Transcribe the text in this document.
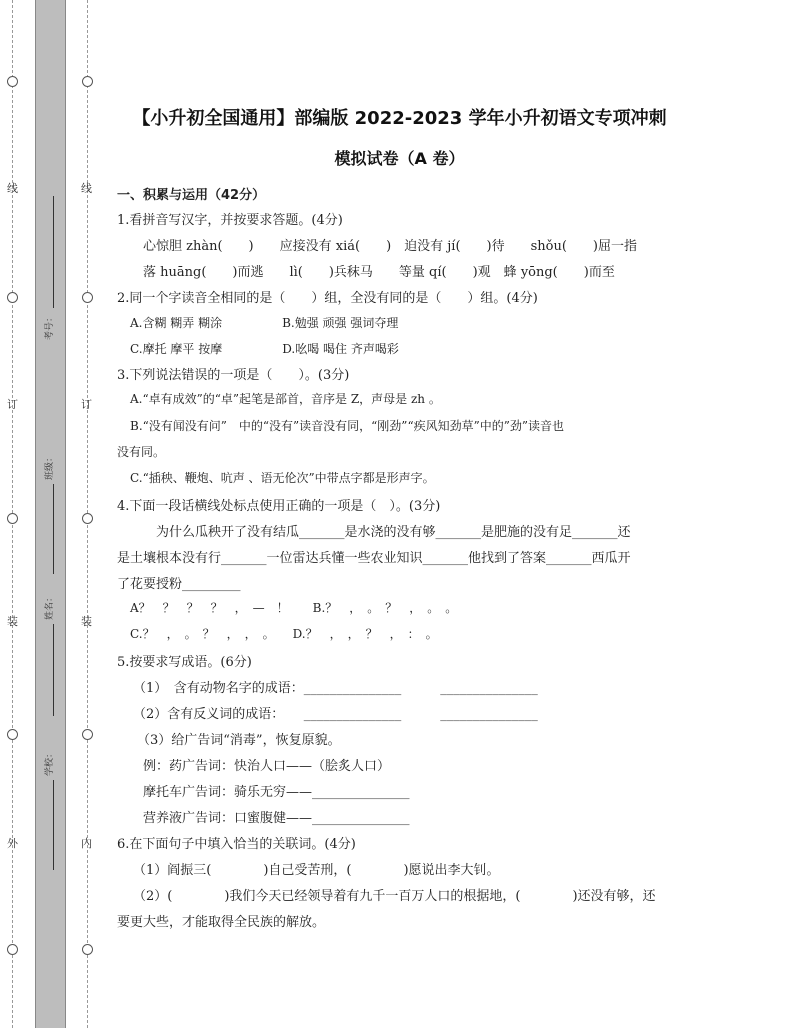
线
订
装
外
线
订
装
内
考号：
班级：
姓名：
学校：
【小升初全国通用】部编版 2022-2023 学年小升初语文专项冲刺
模拟试卷（A 卷）
一、积累与运用（42分）
1.看拼音写汉字，并按要求答题。(4分)
心惊胆 zhàn(　　)　　应接没有 xiá(　　)　迫没有 jí(　　)待　　shǒu(　　)屈一指
落 huāng(　　)而逃　　lì(　　)兵秣马　　等量 qí(　　)观　蜂 yōng(　　)而至
2.同一个字读音全相同的是（　　）组，全没有同的是（　　）组。(4分)
A.含糊 糊弄 糊涂　　　　　B.勉强 顽强 强词夺理
C.摩托 摩平 按摩　　　　　D.吆喝 喝住 齐声喝彩
3.下列说法错误的一项是（　　）。(3分)
A.“卓有成效”的“卓”起笔是部首，音序是 Z，声母是 zh 。
B.“没有闻没有问”　中的“没有”读音没有同，“刚劲”“疾风知劲草”中的”劲”读音也
没有同。
C.“插秧、鞭炮、吭声 、语无伦次”中带点字都是形声字。
4.下面一段话横线处标点使用正确的一项是（　）。(3分)
为什么瓜秧开了没有结瓜_______是水浇的没有够_______是肥施的没有足_______还
是土壤根本没有行_______一位雷达兵懂一些农业知识_______他找到了答案_______西瓜开
了花要授粉_________
A？　？　？　？　，　—　！　　B.？　，　。　？　，　。　。
C.？　，　。　？　，　，　。　　D.？　，　，　？　，　：　。
5.按要求写成语。(6分)
（1）　含有动物名字的成语：_______________　　　_______________
（2）含有反义词的成语：　　_______________　　　_______________
（3）给广告词“消毒”，恢复原貌。
例：药广告词：快治人口——（脍炙人口）
摩托车广告词：骑乐无穷——_______________
营养液广告词：口蜜腹健——_______________
6.在下面句子中填入恰当的关联词。(4分)
（1）阎振三(　　　　)自己受苦刑，(　　　　)愿说出李大钊。
（2）(　　　　)我们今天已经领导着有九千一百万人口的根据地，(　　　　)还没有够，还
要更大些，才能取得全民族的解放。
